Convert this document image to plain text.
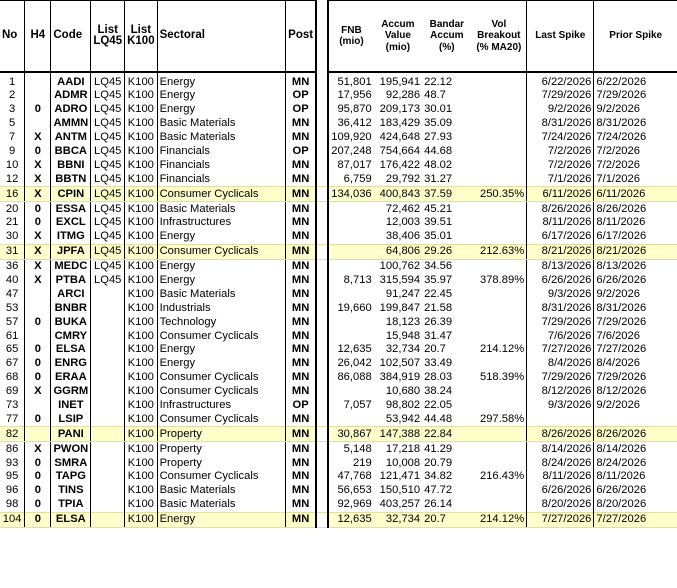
No	H4	Code	List LQ45	List K100	Sectoral	Post		FNB (mio)	Accum Value (mio)	Bandar Accum (%)	Vol Breakout (% MA20)	Last Spike	Prior Spike
1		AADI	LQ45	K100	Energy	MN		51,801	195,941	22.12		6/22/2026	6/22/2026
2		ADMR	LQ45	K100	Energy	OP		17,956	92,286	48.7		7/29/2026	7/29/2026
3	0	ADRO	LQ45	K100	Energy	OP		95,870	209,173	30.01		9/2/2026	9/2/2026
5		AMMN	LQ45	K100	Basic Materials	MN		36,412	183,429	35.09		8/31/2026	8/31/2026
7	X	ANTM	LQ45	K100	Basic Materials	MN		109,920	424,648	27.93		7/24/2026	7/24/2026
9	0	BBCA	LQ45	K100	Financials	OP		207,248	754,664	44.68		7/2/2026	7/2/2026
10	X	BBNI	LQ45	K100	Financials	MN		87,017	176,422	48.02		7/2/2026	7/2/2026
12	X	BBTN	LQ45	K100	Financials	MN		6,759	29,792	31.27		7/1/2026	7/1/2026
16	X	CPIN	LQ45	K100	Consumer Cyclicals	MN		134,036	400,843	37.59	250.35%	6/11/2026	6/11/2026
20	0	ESSA	LQ45	K100	Basic Materials	MN			72,462	45.21		8/26/2026	8/26/2026
21	0	EXCL	LQ45	K100	Infrastructures	MN			12,003	39.51		8/11/2026	8/11/2026
30	X	ITMG	LQ45	K100	Energy	MN			38,406	35.01		6/17/2026	6/17/2026
31	X	JPFA	LQ45	K100	Consumer Cyclicals	MN			64,806	29.26	212.63%	8/21/2026	8/21/2026
36	X	MEDC	LQ45	K100	Energy	MN			100,762	34.56		8/13/2026	8/13/2026
40	X	PTBA	LQ45	K100	Energy	MN		8,713	315,594	35.97	378.89%	6/26/2026	6/26/2026
47		ARCI		K100	Basic Materials	MN			91,247	22.45		9/3/2026	9/2/2026
53		BNBR		K100	Industrials	MN		19,660	199,847	21.58		8/31/2026	8/31/2026
57	0	BUKA		K100	Technology	MN			18,123	26.39		7/29/2026	7/29/2026
61		CMRY		K100	Consumer Cyclicals	MN			15,948	31.47		7/6/2026	7/6/2026
65	0	ELSA		K100	Energy	MN		12,635	32,734	20.7	214.12%	7/27/2026	7/27/2026
67	0	ENRG		K100	Energy	MN		26,042	102,507	33.49		8/4/2026	8/4/2026
68	0	ERAA		K100	Consumer Cyclicals	MN		86,088	384,919	28.03	518.39%	7/29/2026	7/29/2026
69	X	GGRM		K100	Consumer Cyclicals	MN			10,680	38.24		8/12/2026	8/12/2026
73		INET		K100	Infrastructures	OP		7,057	98,802	22.05		9/3/2026	9/2/2026
77	0	LSIP		K100	Consumer Cyclicals	MN			53,942	44.48	297.58%		
82		PANI		K100	Property	MN		30,867	147,388	22.84		8/26/2026	8/26/2026
86	X	PWON		K100	Property	MN		5,148	17,218	41.29		8/14/2026	8/14/2026
93	0	SMRA		K100	Property	MN		219	10,008	20.79		8/24/2026	8/24/2026
95	0	TAPG		K100	Consumer Cyclicals	MN		47,768	121,471	34.82	216.43%	8/11/2026	8/11/2026
96	0	TINS		K100	Basic Materials	MN		56,653	150,510	47.72		6/26/2026	6/26/2026
98	0	TPIA		K100	Basic Materials	MN		92,969	403,257	26.14		8/20/2026	8/20/2026
104	0	ELSA		K100	Energy	MN		12,635	32,734	20.7	214.12%	7/27/2026	7/27/2026
